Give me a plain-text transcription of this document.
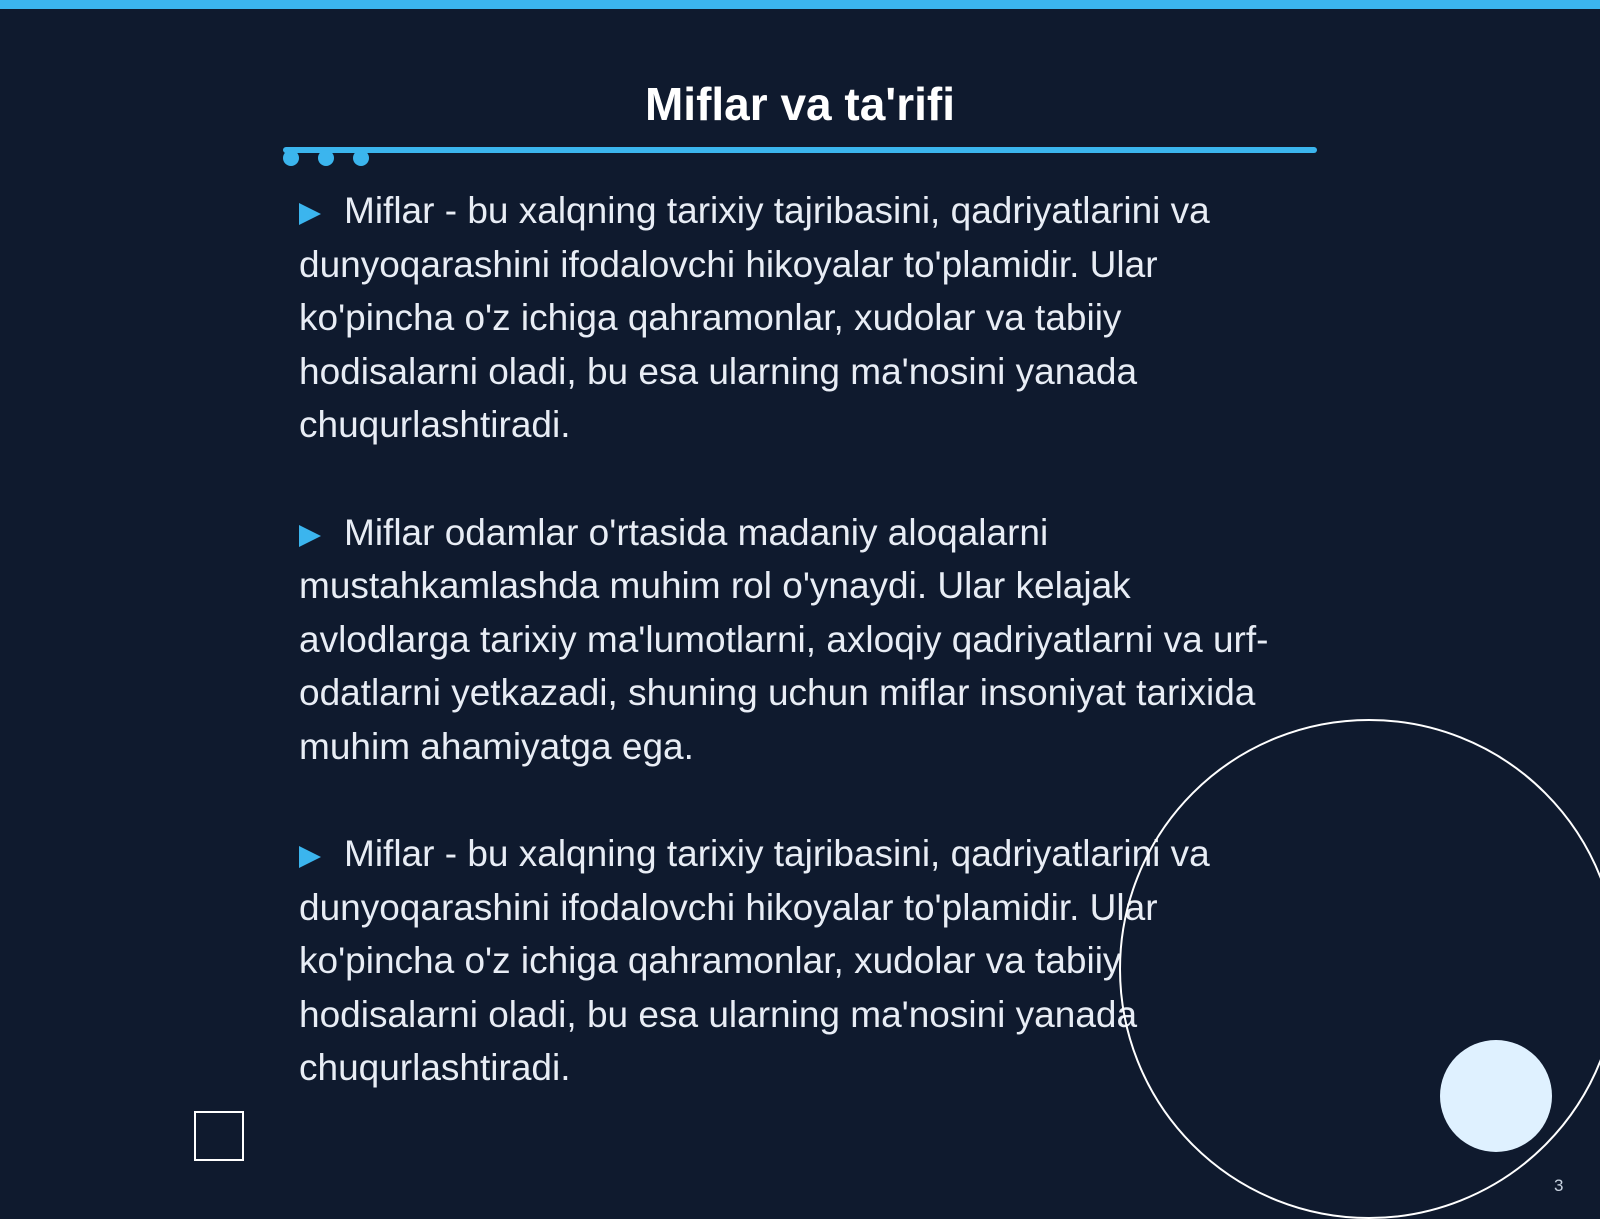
Miflar va ta'rifi
Miflar - bu xalqning tarixiy tajribasini, qadriyatlarini va dunyoqarashini ifodalovchi hikoyalar to'plamidir. Ular ko'pincha o'z ichiga qahramonlar, xudolar va tabiiy hodisalarni oladi, bu esa ularning ma'nosini yanada chuqurlashtiradi.
Miflar odamlar o'rtasida madaniy aloqalarni mustahkamlashda muhim rol o'ynaydi. Ular kelajak avlodlarga tarixiy ma'lumotlarni, axloqiy qadriyatlarni va urf-odatlarni yetkazadi, shuning uchun miflar insoniyat tarixida muhim ahamiyatga ega.
Miflar - bu xalqning tarixiy tajribasini, qadriyatlarini va dunyoqarashini ifodalovchi hikoyalar to'plamidir. Ular ko'pincha o'z ichiga qahramonlar, xudolar va tabiiy hodisalarni oladi, bu esa ularning ma'nosini yanada chuqurlashtiradi.
3
